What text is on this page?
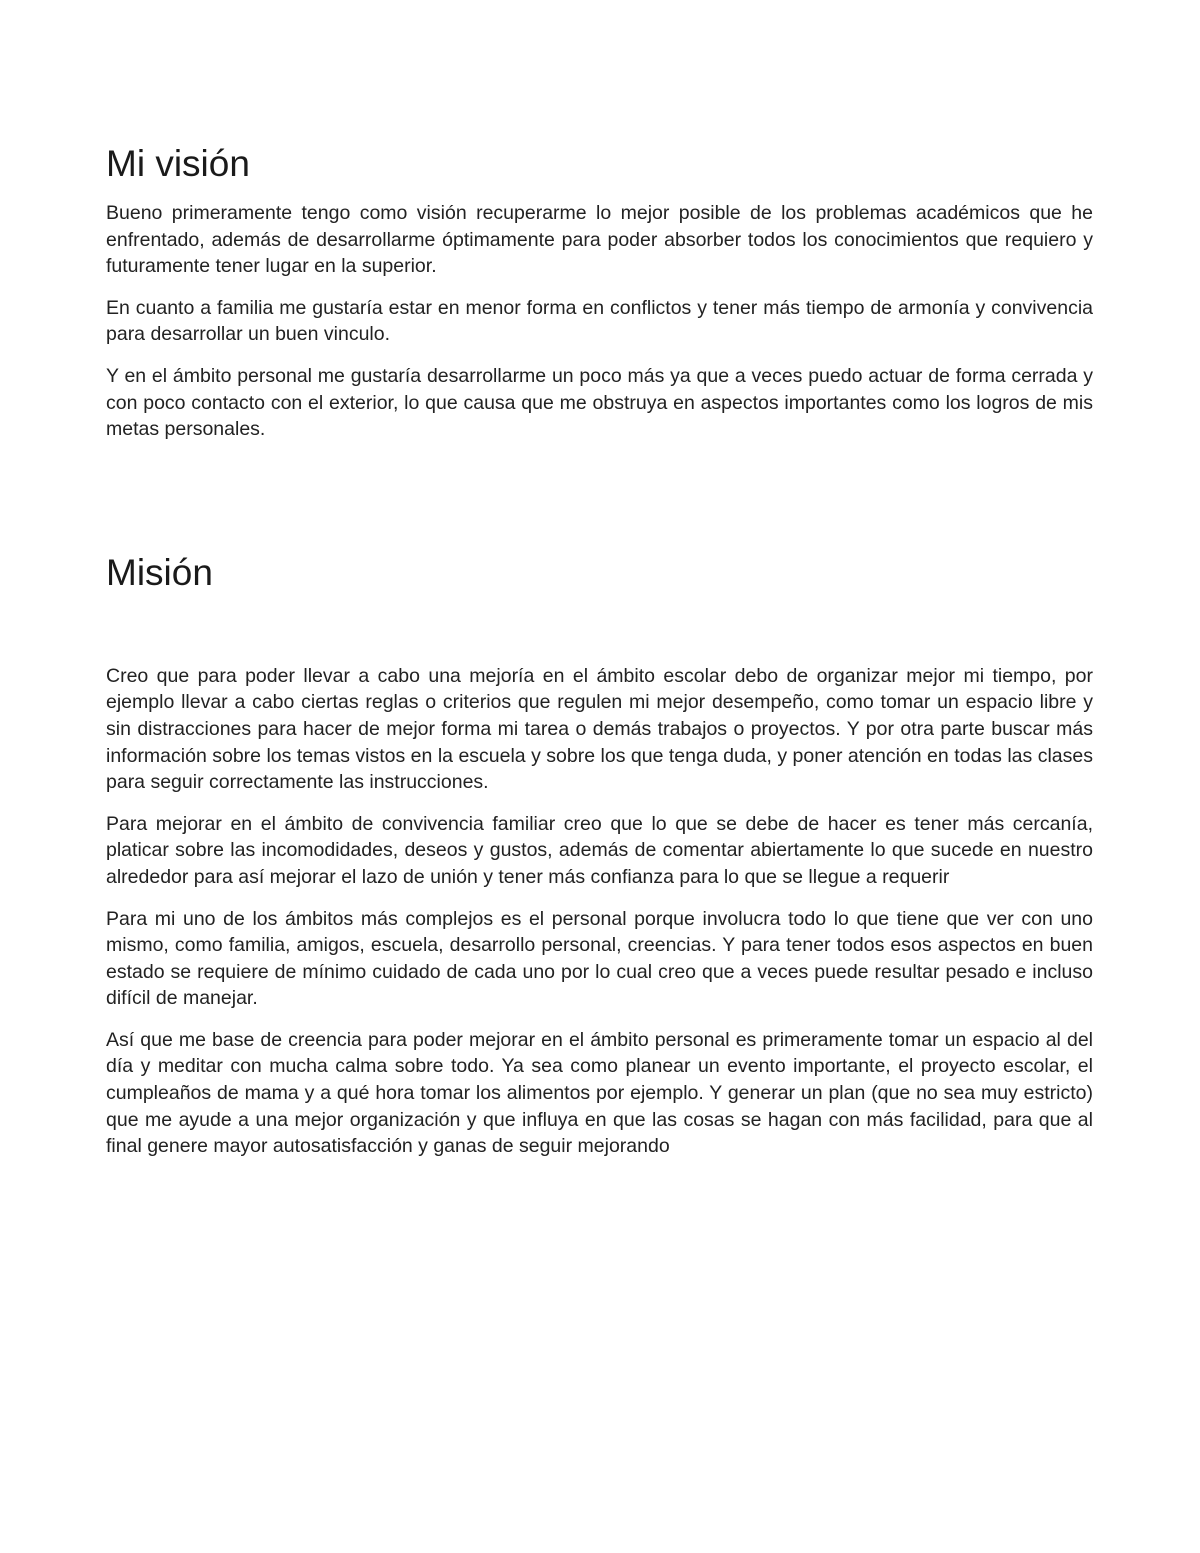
Mi visión

Bueno primeramente tengo como visión recuperarme lo mejor posible de los problemas académicos que he enfrentado, además de desarrollarme óptimamente para poder absorber todos los conocimientos que requiero y futuramente tener lugar en la superior.

En cuanto a familia me gustaría estar en menor forma en conflictos y tener más tiempo de armonía y convivencia para desarrollar un buen vinculo.

Y en el ámbito personal me gustaría desarrollarme un poco más ya que a veces puedo actuar de forma cerrada y con poco contacto con el exterior, lo que causa que me obstruya en aspectos importantes como los logros de mis metas personales.

Misión

Creo que para poder llevar a cabo una mejoría en el ámbito escolar debo de organizar mejor mi tiempo, por ejemplo llevar a cabo ciertas reglas o criterios que regulen mi mejor desempeño, como tomar un espacio libre y sin distracciones para hacer de mejor forma mi tarea o demás trabajos o proyectos. Y por otra parte buscar más información sobre los temas vistos en la escuela y sobre los que tenga duda, y poner atención en todas las clases para seguir correctamente las instrucciones.

Para mejorar en el ámbito de convivencia familiar creo que lo que se debe de hacer es tener más cercanía, platicar sobre las incomodidades, deseos y gustos, además de comentar abiertamente lo que sucede en nuestro alrededor para así mejorar el lazo de unión y tener más confianza para lo que se llegue a requerir

Para mi uno de los ámbitos más complejos es el personal porque involucra todo lo que tiene que ver con uno mismo, como familia, amigos, escuela, desarrollo personal, creencias. Y para tener todos esos aspectos en buen estado se requiere de mínimo cuidado de cada uno por lo cual creo que a veces puede resultar pesado e incluso difícil de manejar.

Así que me base de creencia para poder mejorar en el ámbito personal es primeramente tomar un espacio al del día y meditar con mucha calma sobre todo. Ya sea como planear un evento importante, el proyecto escolar, el cumpleaños de mama y a qué hora tomar los alimentos por ejemplo. Y generar un plan (que no sea muy estricto) que me ayude a una mejor organización y que influya en que las cosas se hagan con más facilidad, para que al final genere mayor autosatisfacción y ganas de seguir mejorando
